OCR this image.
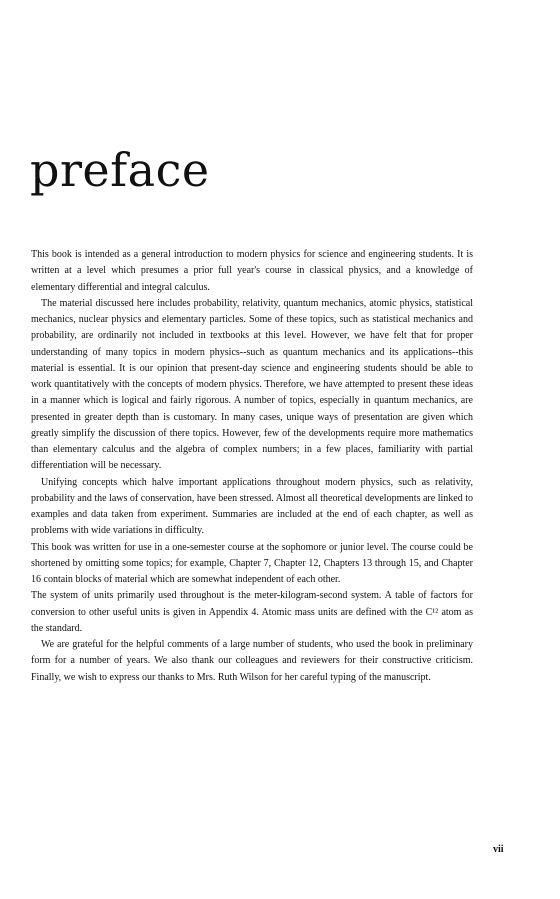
preface

This book is intended as a general introduction to modern physics for science and engineering students. It is written at a level which presumes a prior full year's course in classical physics, and a knowledge of elementary differential and integral calculus.

The material discussed here includes probability, relativity, quantum mechanics, atomic physics, statistical mechanics, nuclear physics and elementary particles. Some of these topics, such as statistical mechanics and probability, are ordinarily not included in textbooks at this level. However, we have felt that for proper understanding of many topics in modern physics--such as quantum mechanics and its applications--this material is essential. It is our opinion that present-day science and engineering students should be able to work quantitatively with the concepts of modern physics. Therefore, we have attempted to present these ideas in a manner which is logical and fairly rigorous. A number of topics, especially in quantum mechanics, are presented in greater depth than is customary. In many cases, unique ways of presentation are given which greatly simplify the discussion of there topics. However, few of the developments require more mathematics than elementary calculus and the algebra of complex numbers; in a few places, familiarity with partial differentiation will be necessary.

Unifying concepts which halve important applications throughout modern physics, such as relativity, probability and the laws of conservation, have been stressed. Almost all theoretical developments are linked to examples and data taken from experiment. Summaries are included at the end of each chapter, as well as problems with wide variations in difficulty.

This book was written for use in a one-semester course at the sophomore or junior level. The course could be shortened by omitting some topics; for example, Chapter 7, Chapter 12, Chapters 13 through 15, and Chapter 16 contain blocks of material which are somewhat independent of each other.

The system of units primarily used throughout is the meter-kilogram-second system. A table of factors for conversion to other useful units is given in Appendix 4. Atomic mass units are defined with the C¹² atom as the standard.

We are grateful for the helpful comments of a large number of students, who used the book in preliminary form for a number of years. We also thank our colleagues and reviewers for their constructive criticism. Finally, we wish to express our thanks to Mrs. Ruth Wilson for her careful typing of the manuscript.

vii
